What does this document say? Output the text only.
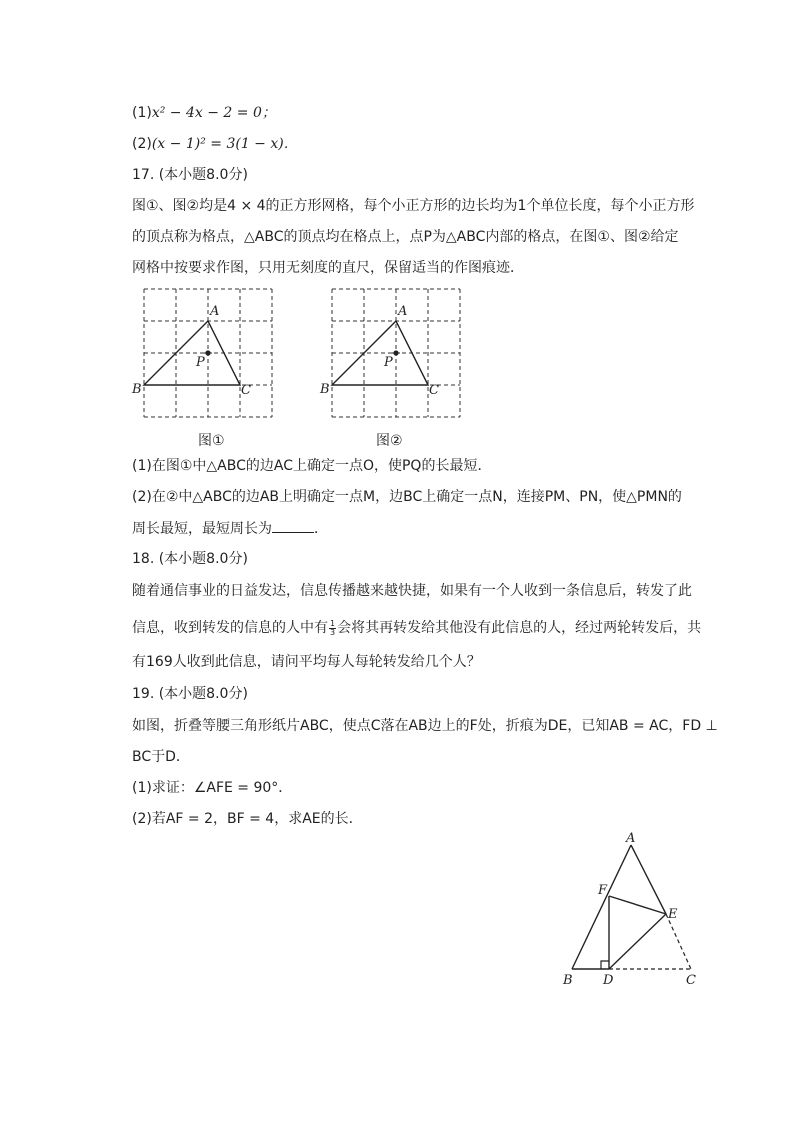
(1)x² − 4x − 2 = 0；
(2)(x − 1)² = 3(1 − x)．
17. (本小题8.0分)
图①、图②均是4 × 4的正方形网格，每个小正方形的边长均为1个单位长度，每个小正方形
的顶点称为格点，△ABC的顶点均在格点上，点P为△ABC内部的格点，在图①、图②给定
网格中按要求作图，只用无刻度的直尺，保留适当的作图痕迹．
A
P
B	C
图①
A
P
B	C
图②
(1)在图①中△ABC的边AC上确定一点O，使PQ的长最短．
(2)在②中△ABC的边AB上明确定一点M，边BC上确定一点N，连接PM、PN，使△PMN的
周长最短，最短周长为	．
18. (本小题8.0分)
随着通信事业的日益发达，信息传播越来越快捷，如果有一个人收到一条信息后，转发了此
信息，收到转发的信息的人中有 $\frac{1}{3}$ 会将其再转发给其他没有此信息的人，经过两轮转发后，共
有169人收到此信息，请问平均每人每轮转发给几个人？
19. (本小题8.0分)
如图，折叠等腰三角形纸片ABC，使点C落在AB边上的F处，折痕为DE，已知AB = AC，FD ⊥
BC于D．
(1)求证：∠AFE = 90°．
(2)若AF = 2，BF = 4，求AE的长．
A
F
E
B D	C
